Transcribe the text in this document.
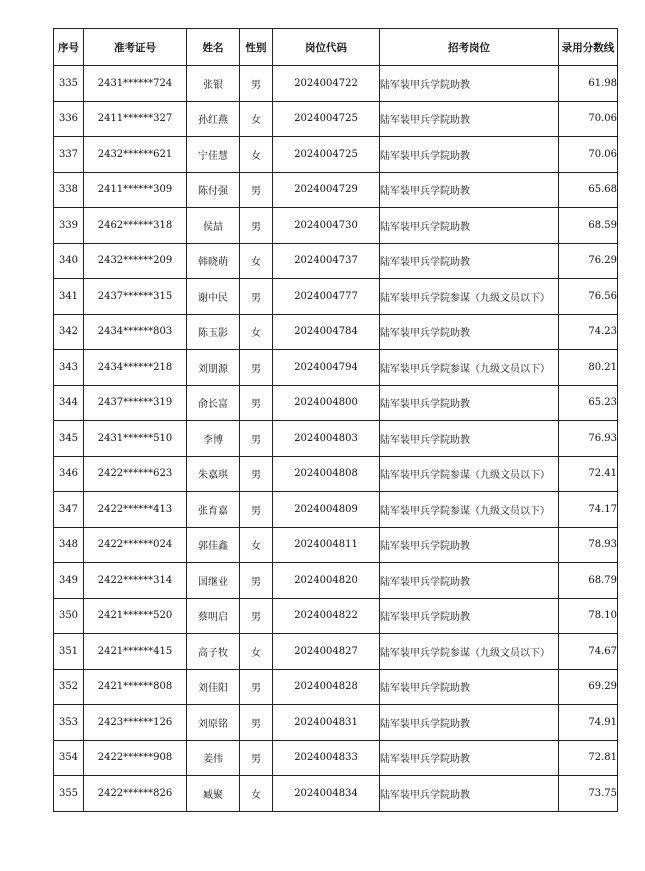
序号	准考证号	姓名	性别	岗位代码	招考岗位	录用分数线
335	2431******724	张银	男	2024004722	陆军装甲兵学院助教	61.98
336	2411******327	孙红燕	女	2024004725	陆军装甲兵学院助教	70.06
337	2432******621	宁佳慧	女	2024004725	陆军装甲兵学院助教	70.06
338	2411******309	陈付强	男	2024004729	陆军装甲兵学院助教	65.68
339	2462******318	侯喆	男	2024004730	陆军装甲兵学院助教	68.59
340	2432******209	韩晓萌	女	2024004737	陆军装甲兵学院助教	76.29
341	2437******315	谢中民	男	2024004777	陆军装甲兵学院参谋（九级文员以下）	76.56
342	2434******803	陈玉影	女	2024004784	陆军装甲兵学院助教	74.23
343	2434******218	刘朋源	男	2024004794	陆军装甲兵学院参谋（九级文员以下）	80.21
344	2437******319	俞长富	男	2024004800	陆军装甲兵学院助教	65.23
345	2431******510	李博	男	2024004803	陆军装甲兵学院助教	76.93
346	2422******623	朱嘉琪	男	2024004808	陆军装甲兵学院参谋（九级文员以下）	72.41
347	2422******413	张育嘉	男	2024004809	陆军装甲兵学院参谋（九级文员以下）	74.17
348	2422******024	郭佳鑫	女	2024004811	陆军装甲兵学院助教	78.93
349	2422******314	国继业	男	2024004820	陆军装甲兵学院助教	68.79
350	2421******520	蔡明启	男	2024004822	陆军装甲兵学院助教	78.10
351	2421******415	高子牧	女	2024004827	陆军装甲兵学院参谋（九级文员以下）	74.67
352	2421******808	刘佳阳	男	2024004828	陆军装甲兵学院助教	69.29
353	2423******126	刘原铭	男	2024004831	陆军装甲兵学院助教	74.91
354	2422******908	姜伟	男	2024004833	陆军装甲兵学院助教	72.81
355	2422******826	臧聚	女	2024004834	陆军装甲兵学院助教	73.75
